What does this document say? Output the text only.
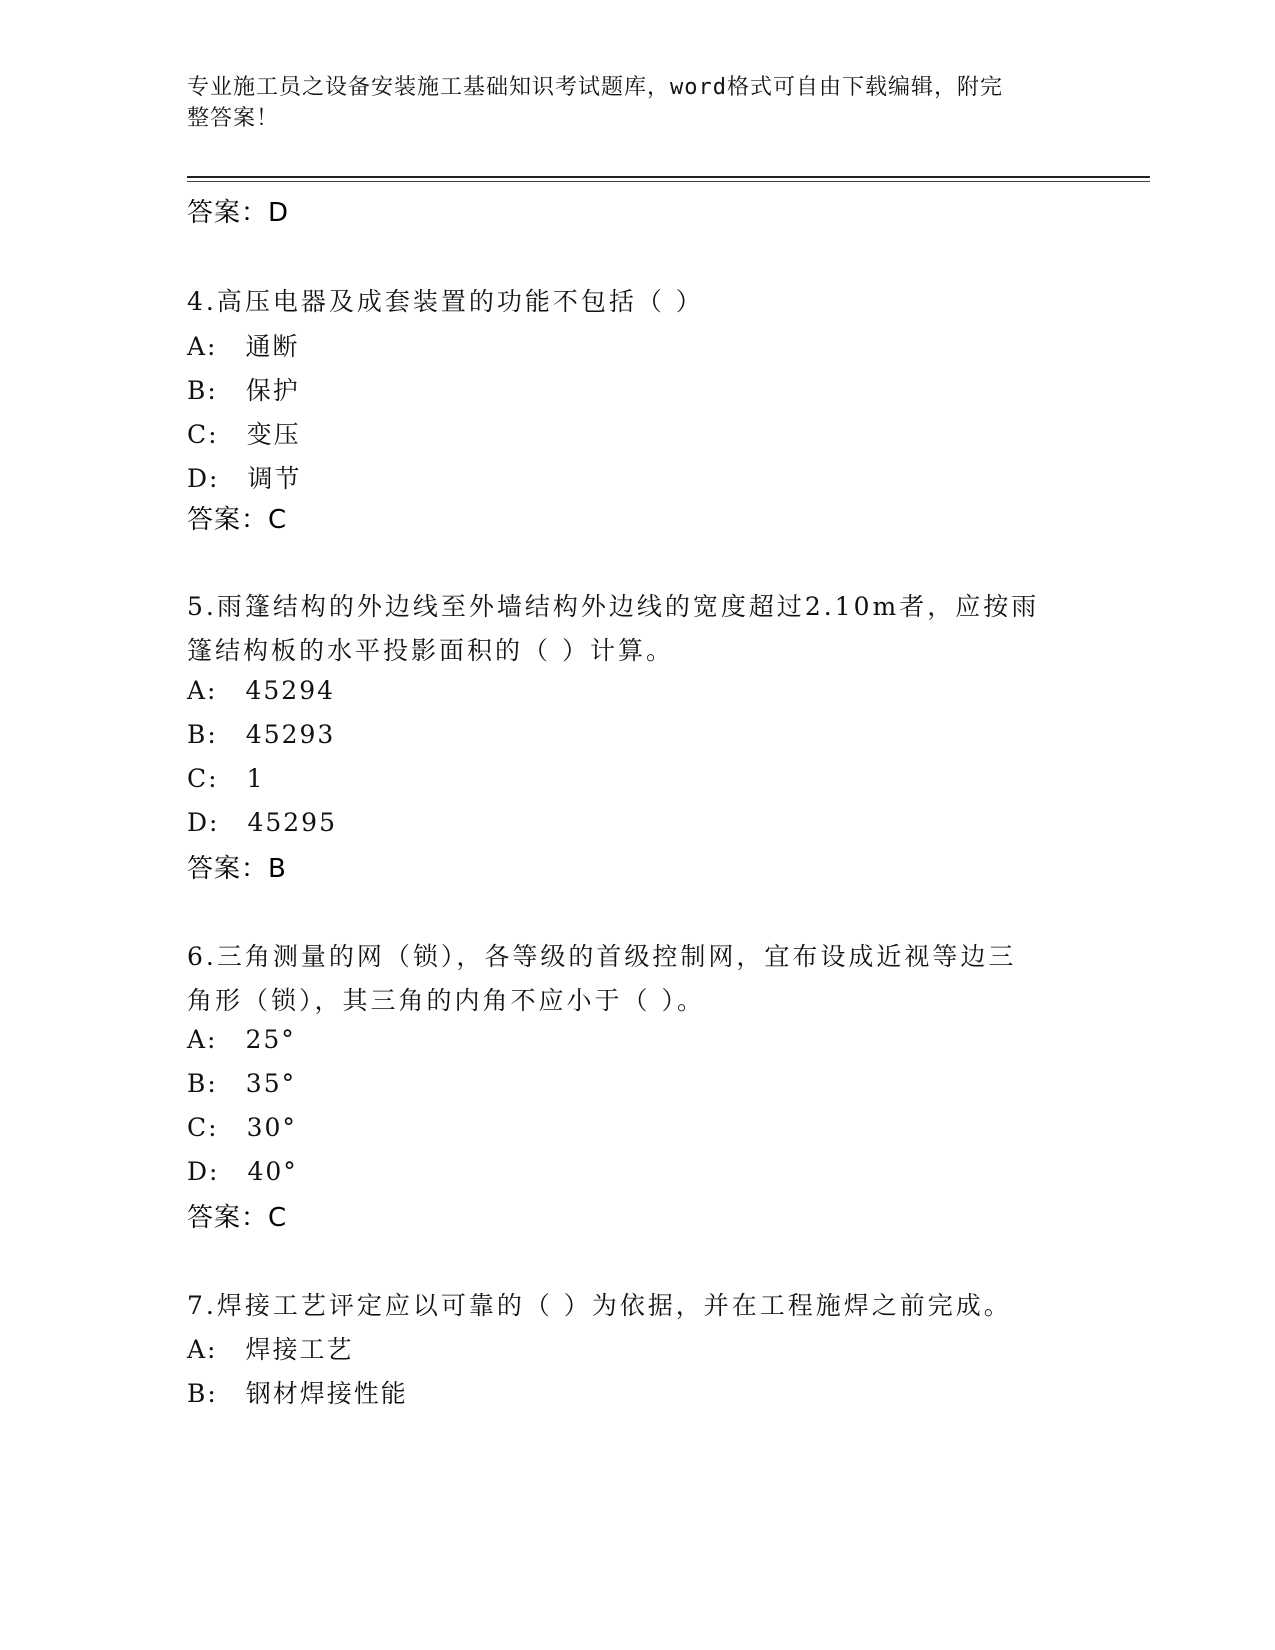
专业施工员之设备安装施工基础知识考试题库，word格式可自由下载编辑，附完
整答案！
答案：D
4.高压电器及成套装置的功能不包括（ ）
A: 通断
B: 保护
C: 变压
D: 调节
答案：C
5.雨篷结构的外边线至外墙结构外边线的宽度超过2.10m者，应按雨
篷结构板的水平投影面积的（ ）计算。
A: 45294
B: 45293
C: 1
D: 45295
答案：B
6.三角测量的网（锁），各等级的首级控制网，宜布设成近视等边三
角形（锁），其三角的内角不应小于（ ）。
A: 25°
B: 35°
C: 30°
D: 40°
答案：C
7.焊接工艺评定应以可靠的（ ）为依据，并在工程施焊之前完成。
A: 焊接工艺
B: 钢材焊接性能
